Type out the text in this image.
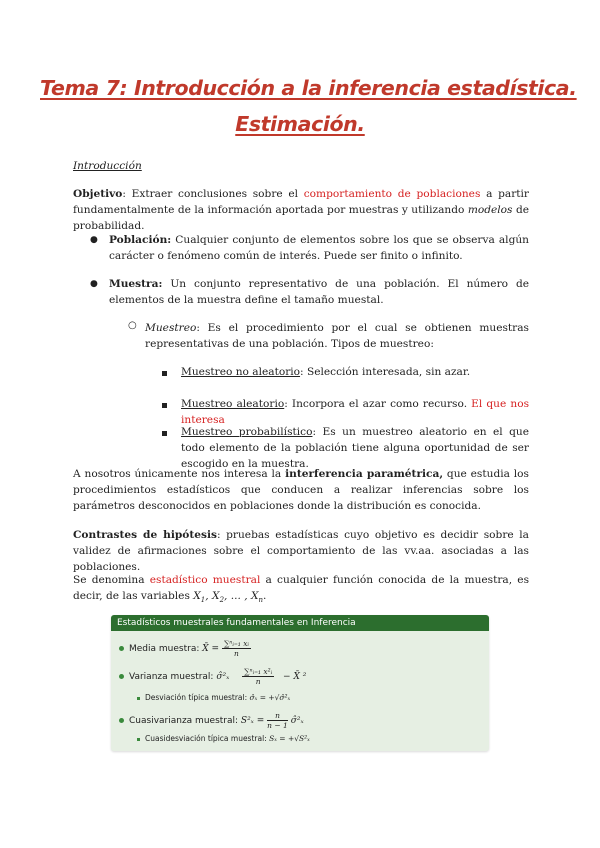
Tema 7: Introducción a la inferencia estadística.
Estimación.

Introducción

Objetivo: Extraer conclusiones sobre el comportamiento de poblaciones a partir fundamentalmente de la información aportada por muestras y utilizando modelos de probabilidad.

● Población: Cualquier conjunto de elementos sobre los que se observa algún carácter o fenómeno común de interés. Puede ser finito o infinito.

● Muestra: Un conjunto representativo de una población. El número de elementos de la muestra define el tamaño muestal.

○ Muestreo: Es el procedimiento por el cual se obtienen muestras representativas de una población. Tipos de muestreo:

Muestreo no aleatorio: Selección interesada, sin azar.

Muestreo aleatorio: Incorpora el azar como recurso. El que nos interesa

Muestreo probabilístico: Es un muestreo aleatorio en el que todo elemento de la población tiene alguna oportunidad de ser escogido en la muestra.

A nosotros únicamente nos interesa la interferencia paramétrica, que estudia los procedimientos estadísticos que conducen a realizar inferencias sobre los parámetros desconocidos en poblaciones donde la distribución es conocida.

Contrastes de hipótesis: pruebas estadísticas cuyo objetivo es decidir sobre la validez de afirmaciones sobre el comportamiento de las vv.aa. asociadas a las poblaciones.

Se denomina estadístico muestral a cualquier función conocida de la muestra, es decir, de las variables $X_1$, $X_2$, ... , $X_n$.

Estadísticos muestrales fundamentales en Inferencia
Media muestra: X̄ = $\frac{\text{∑ⁿᵢ₌₁ xᵢ}}{n}$
Varianza muestral: σ̂²ₓ $\frac{\text{∑ⁿᵢ₌₁ x²ᵢ}}{n}$ − X̄ ²
Desviación típica muestral: σ̂ₓ = +√σ̂²ₓ
Cuasivarianza muestral: $S^2_x = \frac{n}{n - 1}$ σ̂²ₓ
Cuasidesviación típica muestral: Sₓ = +√S²ₓ
